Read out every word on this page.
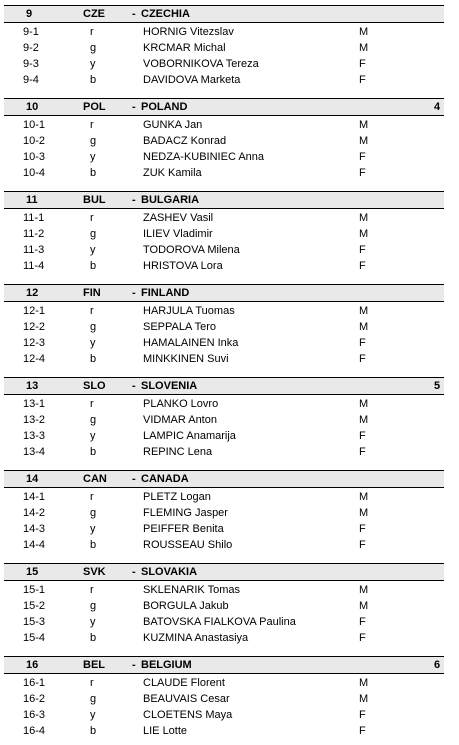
9	CZE - CZECHIA
9-1	r	HORNIG Vitezslav	M
9-2	g	KRCMAR Michal	M
9-3	y	VOBORNIKOVA Tereza	F
9-4	b	DAVIDOVA Marketa	F
10	POL - POLAND	4
10-1	r	GUNKA Jan	M
10-2	g	BADACZ Konrad	M
10-3	y	NEDZA-KUBINIEC Anna	F
10-4	b	ZUK Kamila	F
11	BUL - BULGARIA
11-1	r	ZASHEV Vasil	M
11-2	g	ILIEV Vladimir	M
11-3	y	TODOROVA Milena	F
11-4	b	HRISTOVA Lora	F
12	FIN	- FINLAND
12-1	r	HARJULA Tuomas	M
12-2	g	SEPPALA Tero	M
12-3	y	HAMALAINEN Inka	F
12-4	b	MINKKINEN Suvi	F
13	SLO - SLOVENIA	5
13-1	r	PLANKO Lovro	M
13-2	g	VIDMAR Anton	M
13-3	y	LAMPIC Anamarija	F
13-4	b	REPINC Lena	F
14	CAN - CANADA
14-1	r	PLETZ Logan	M
14-2	g	FLEMING Jasper	M
14-3	y	PEIFFER Benita	F
14-4	b	ROUSSEAU Shilo	F
15	SVK - SLOVAKIA
15-1	r	SKLENARIK Tomas	M
15-2	g	BORGULA Jakub	M
15-3	y	BATOVSKA FIALKOVA Paulina	F
15-4	b	KUZMINA Anastasiya	F
16	BEL - BELGIUM	6
16-1	r	CLAUDE Florent	M
16-2	g	BEAUVAIS Cesar	M
16-3	y	CLOETENS Maya	F
16-4	b	LIE Lotte	F
